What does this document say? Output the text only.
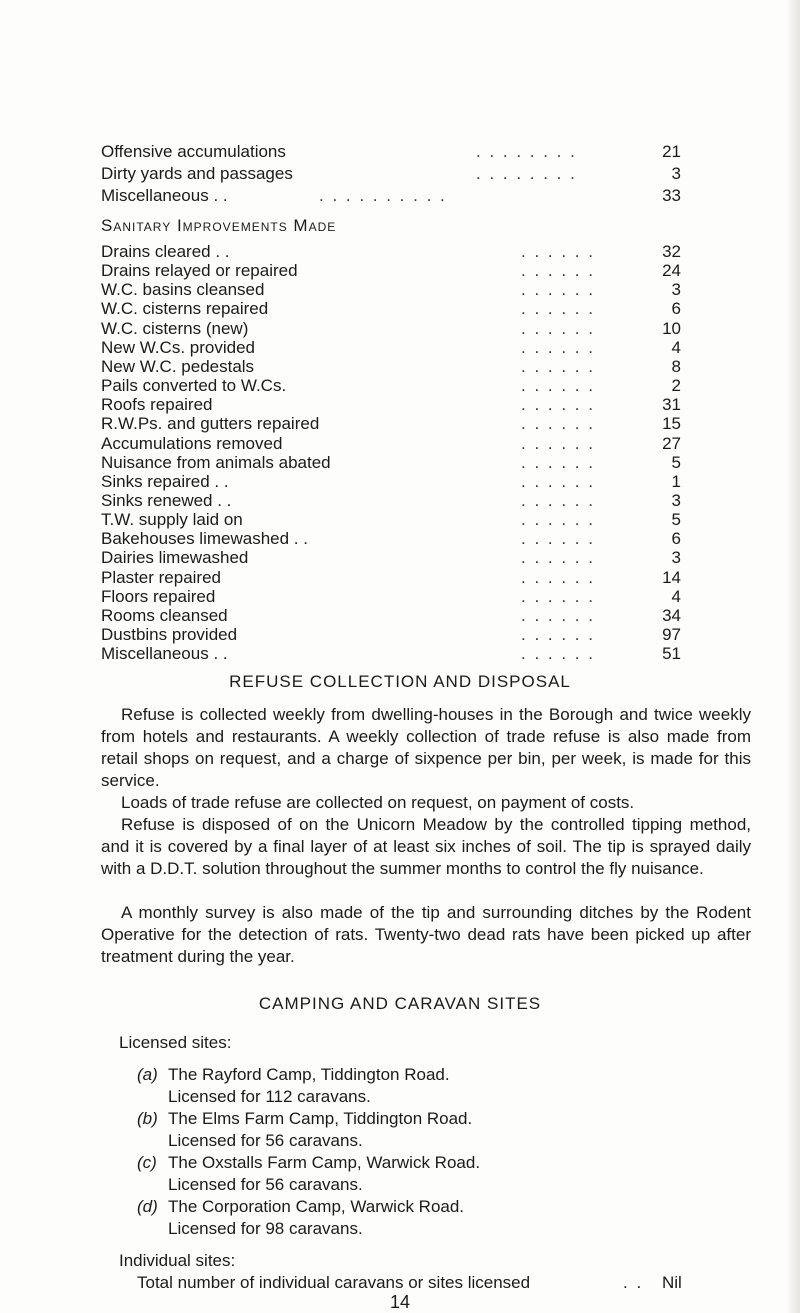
Offensive accumulations	. . . . . . . .	21
Dirty yards and passages	. . . . . . . .	3
Miscellaneous . .	. . . . . . . . . .	33
Sanitary Improvements Made
Drains cleared . .	. . . . . .	32
Drains relayed or repaired	. . . . . .	24
W.C. basins cleansed	. . . . . .	3
W.C. cisterns repaired	. . . . . .	6
W.C. cisterns (new)	. . . . . .	10
New W.Cs. provided	. . . . . .	4
New W.C. pedestals	. . . . . .	8
Pails converted to W.Cs.	. . . . . .	2
Roofs repaired	. . . . . .	31
R.W.Ps. and gutters repaired	. . . . . .	15
Accumulations removed	. . . . . .	27
Nuisance from animals abated	. . . . . .	5
Sinks repaired . .	. . . . . .	1
Sinks renewed . .	. . . . . .	3
T.W. supply laid on	. . . . . .	5
Bakehouses limewashed . .	. . . . . .	6
Dairies limewashed	. . . . . .	3
Plaster repaired	. . . . . .	14
Floors repaired	. . . . . .	4
Rooms cleansed	. . . . . .	34
Dustbins provided	. . . . . .	97
Miscellaneous . .	. . . . . .	51
REFUSE COLLECTION AND DISPOSAL
Refuse is collected weekly from dwelling-houses in the Borough and twice weekly from hotels and restaurants. A weekly collection of trade refuse is also made from retail shops on request, and a charge of sixpence per bin, per week, is made for this service.
Loads of trade refuse are collected on request, on payment of costs.
Refuse is disposed of on the Unicorn Meadow by the controlled tipping method, and it is covered by a final layer of at least six inches of soil. The tip is sprayed daily with a D.D.T. solution throughout the summer months to control the fly nuisance.
A monthly survey is also made of the tip and surrounding ditches by the Rodent Operative for the detection of rats. Twenty-two dead rats have been picked up after treatment during the year.
CAMPING AND CARAVAN SITES
Licensed sites:
(a) The Rayford Camp, Tiddington Road.
Licensed for 112 caravans.
(b) The Elms Farm Camp, Tiddington Road.
Licensed for 56 caravans.
(c) The Oxstalls Farm Camp, Warwick Road.
Licensed for 56 caravans.
(d) The Corporation Camp, Warwick Road.
Licensed for 98 caravans.
Individual sites:
Total number of individual caravans or sites licensed	. . Nil
14
